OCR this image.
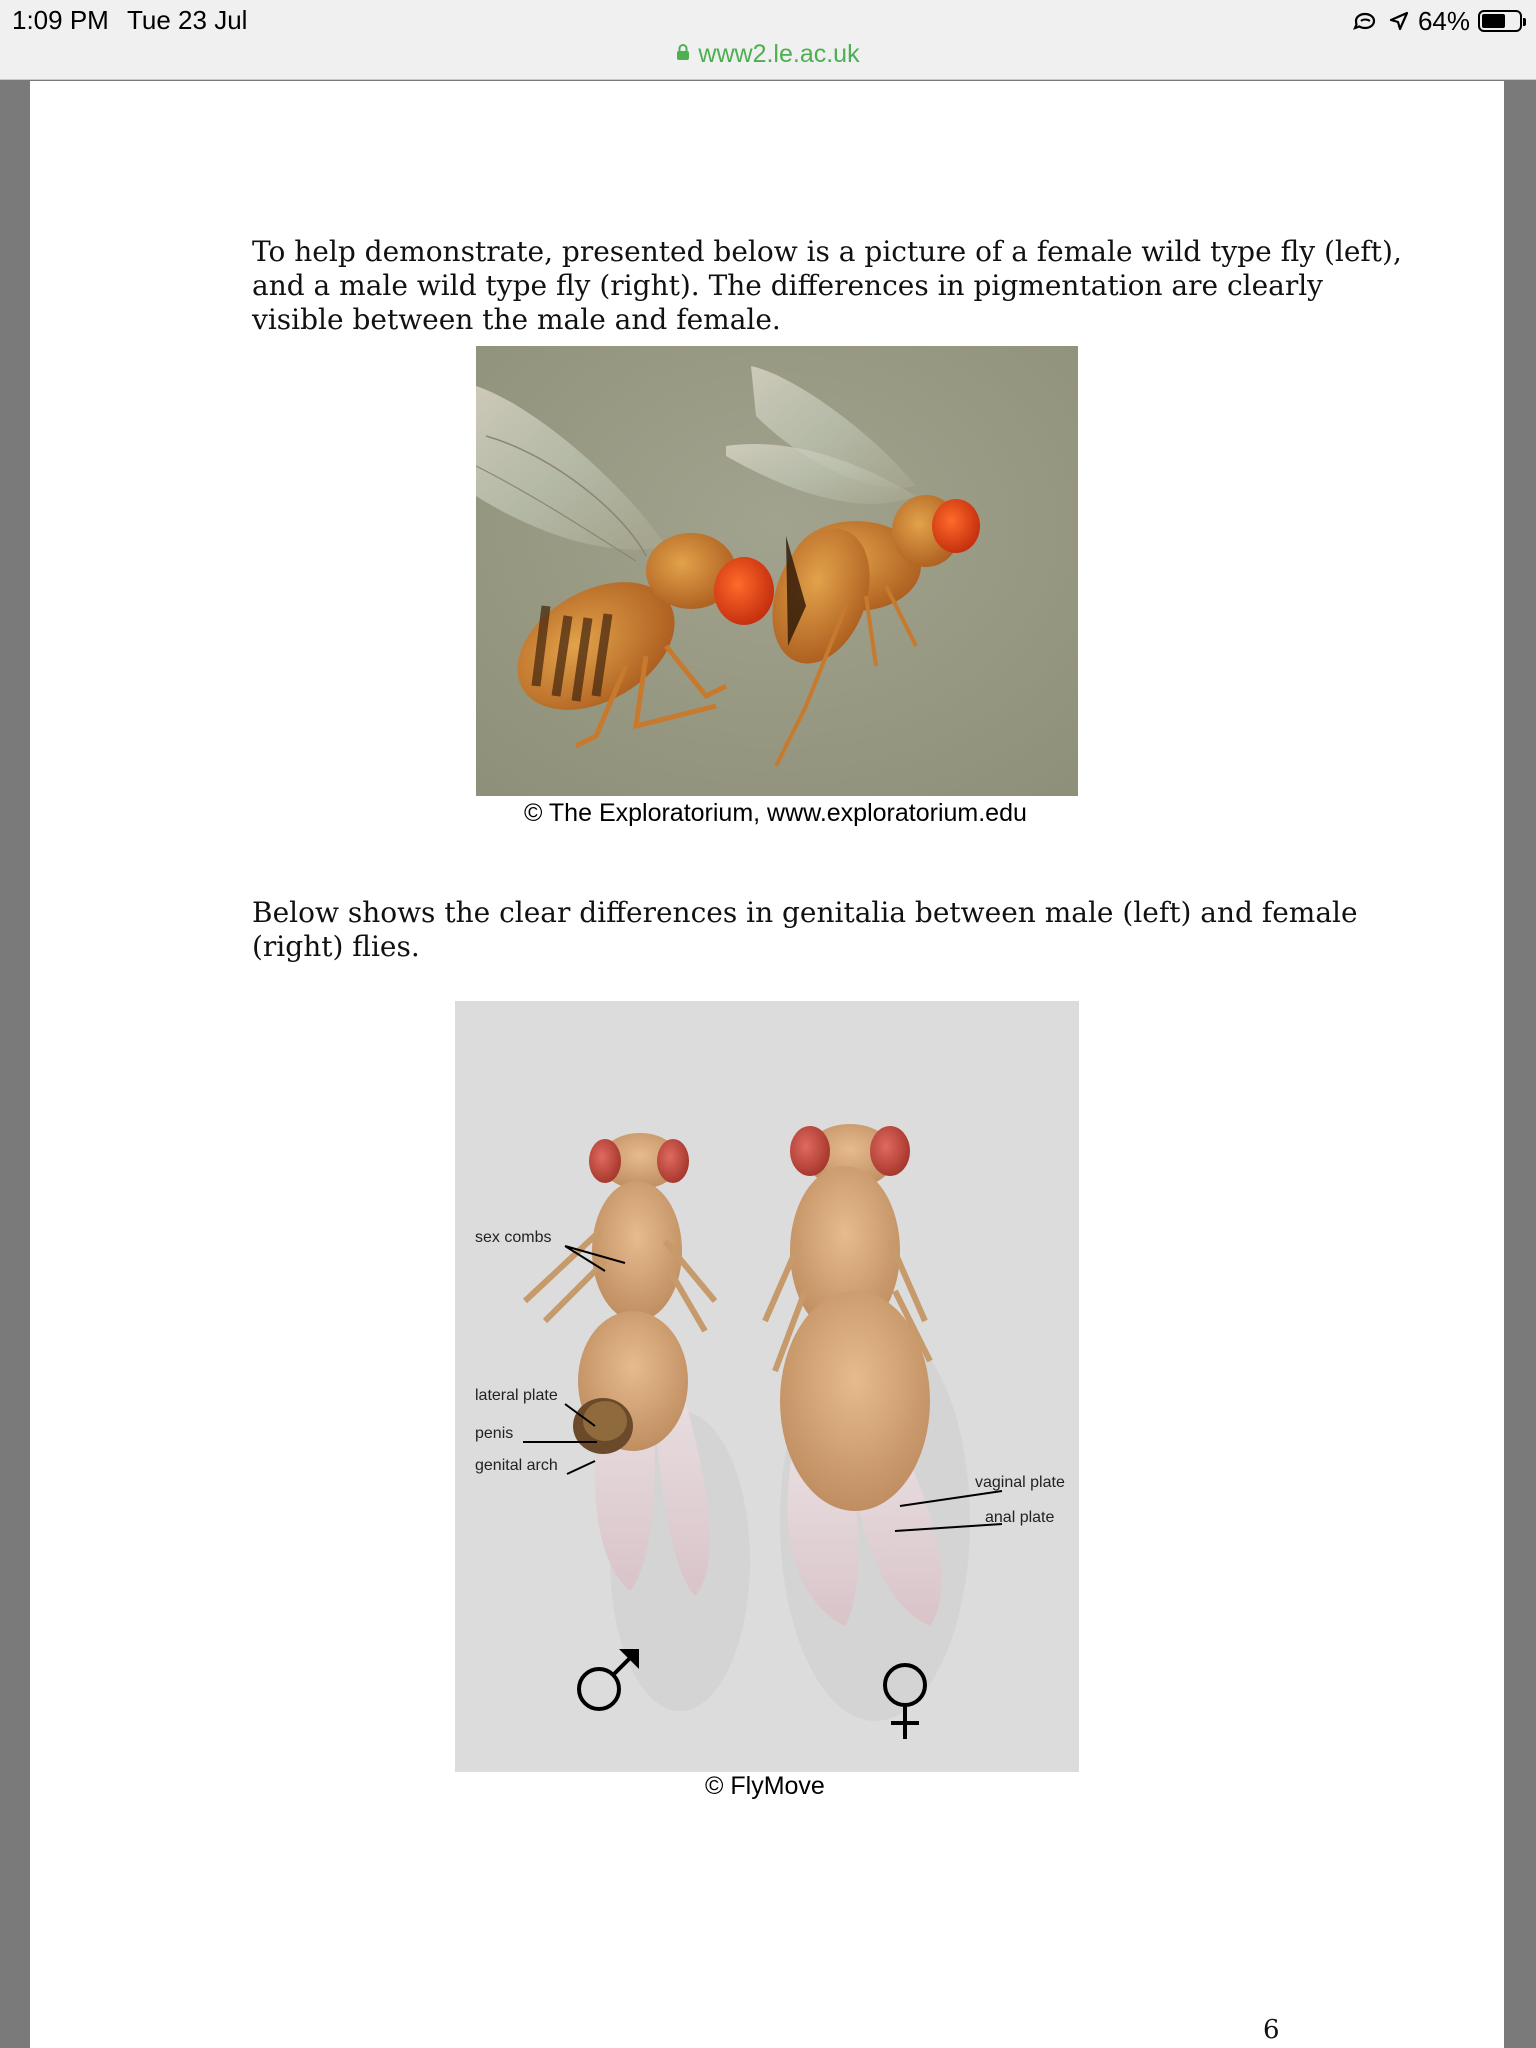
1:09 PM Tue 23 Jul	64%
www2.le.ac.uk
To help demonstrate, presented below is a picture of a female wild type fly (left),
and a male wild type fly (right). The differences in pigmentation are clearly
visible between the male and female.
© The Exploratorium, www.exploratorium.edu
Below shows the clear differences in genitalia between male (left) and female
(right) flies.
sex combs
lateral plate
penis
genital arch
vaginal plate
anal plate
© FlyMove
6
